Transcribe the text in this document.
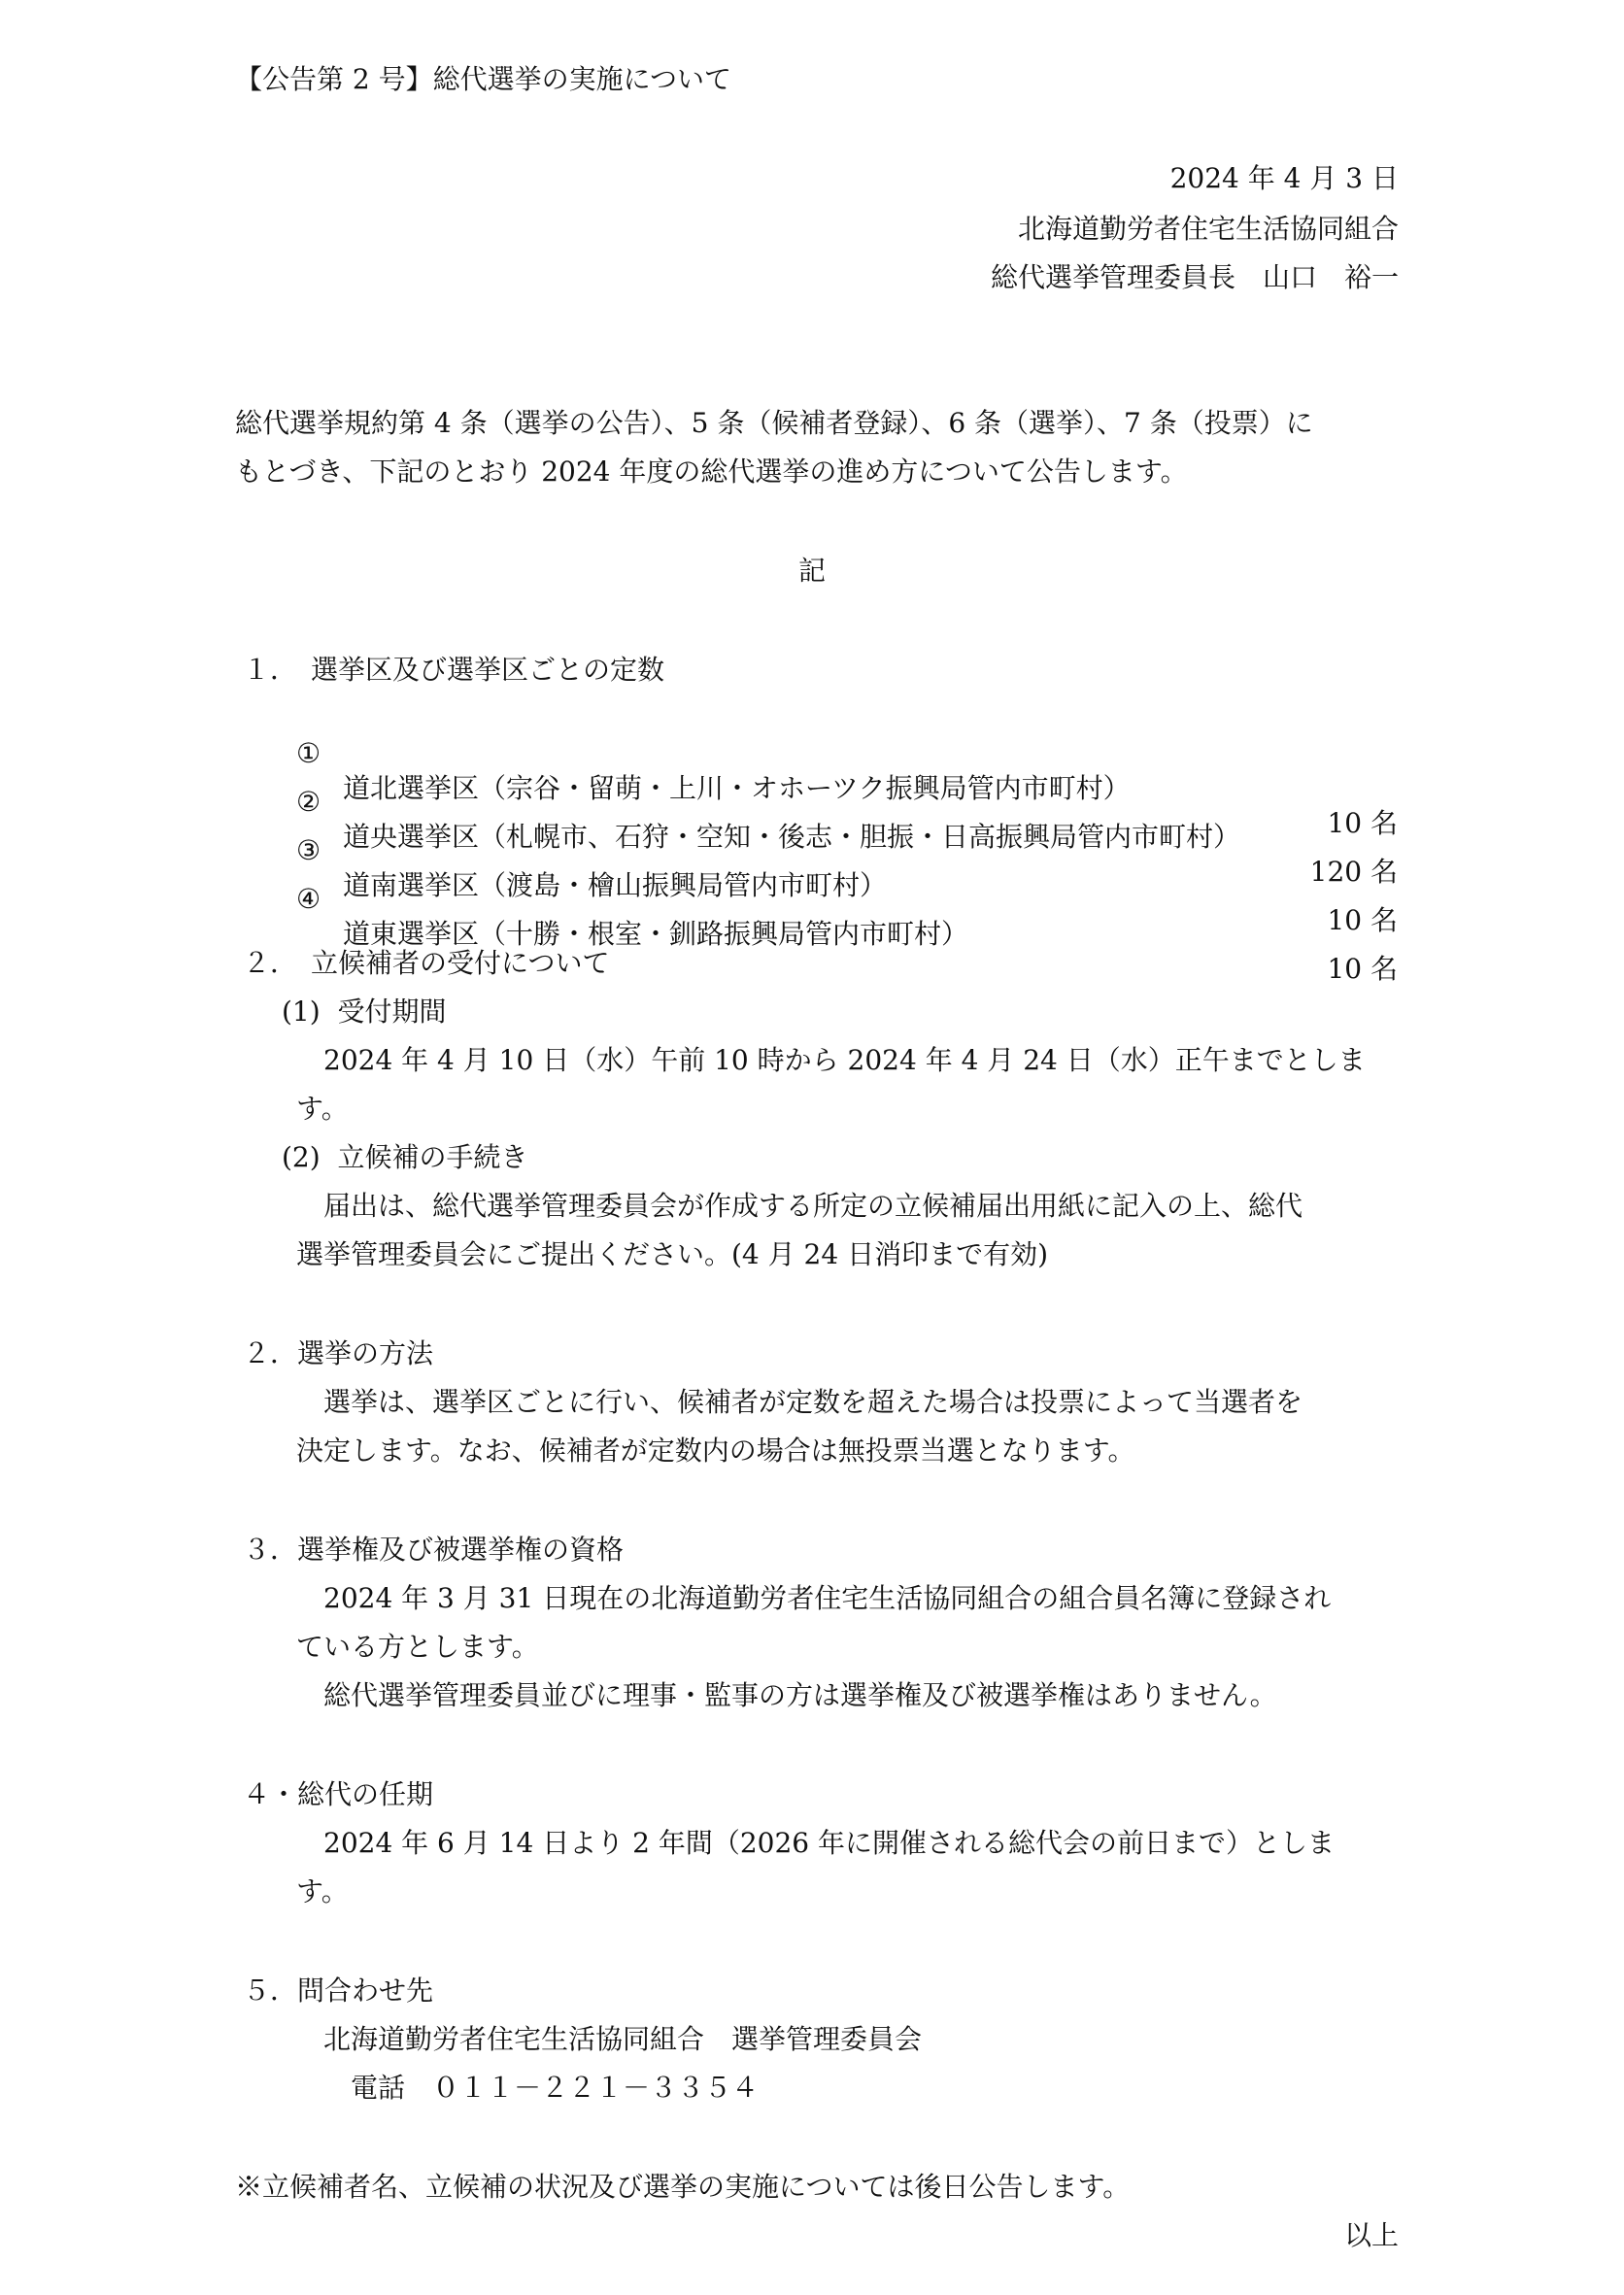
【公告第 2 号】総代選挙の実施について

2024 年 4 月 3 日

北海道勤労者住宅生活協同組合

総代選挙管理委員長　山口　裕一

総代選挙規約第 4 条（選挙の公告）、5 条（候補者登録）、6 条（選挙）、7 条（投票）に

もとづき、下記のとおり 2024 年度の総代選挙の進め方について公告します。

記

１．　選挙区及び選挙区ごとの定数

①

道北選挙区（宗谷・留萌・上川・オホーツク振興局管内市町村）

10 名

②

道央選挙区（札幌市、石狩・空知・後志・胆振・日高振興局管内市町村）

120 名

③

道南選挙区（渡島・檜山振興局管内市町村）

10 名

④

道東選挙区（十勝・根室・釧路振興局管内市町村）

10 名

２．　立候補者の受付について

(1)  受付期間

　2024 年 4 月 10 日（水）午前 10 時から 2024 年 4 月 24 日（水）正午までとしま

す。

(2)  立候補の手続き

　届出は、総代選挙管理委員会が作成する所定の立候補届出用紙に記入の上、総代

選挙管理委員会にご提出ください。(4 月 24 日消印まで有効)

２．選挙の方法

　選挙は、選挙区ごとに行い、候補者が定数を超えた場合は投票によって当選者を

決定します。なお、候補者が定数内の場合は無投票当選となります。

３．選挙権及び被選挙権の資格

　2024 年 3 月 31 日現在の北海道勤労者住宅生活協同組合の組合員名簿に登録され

ている方とします。

　総代選挙管理委員並びに理事・監事の方は選挙権及び被選挙権はありません。

４・総代の任期

　2024 年 6 月 14 日より 2 年間（2026 年に開催される総代会の前日まで）としま

す。

５．問合わせ先

　北海道勤労者住宅生活協同組合　選挙管理委員会

　　電話　０１１－２２１－３３５４

※立候補者名、立候補の状況及び選挙の実施については後日公告します。

以上
